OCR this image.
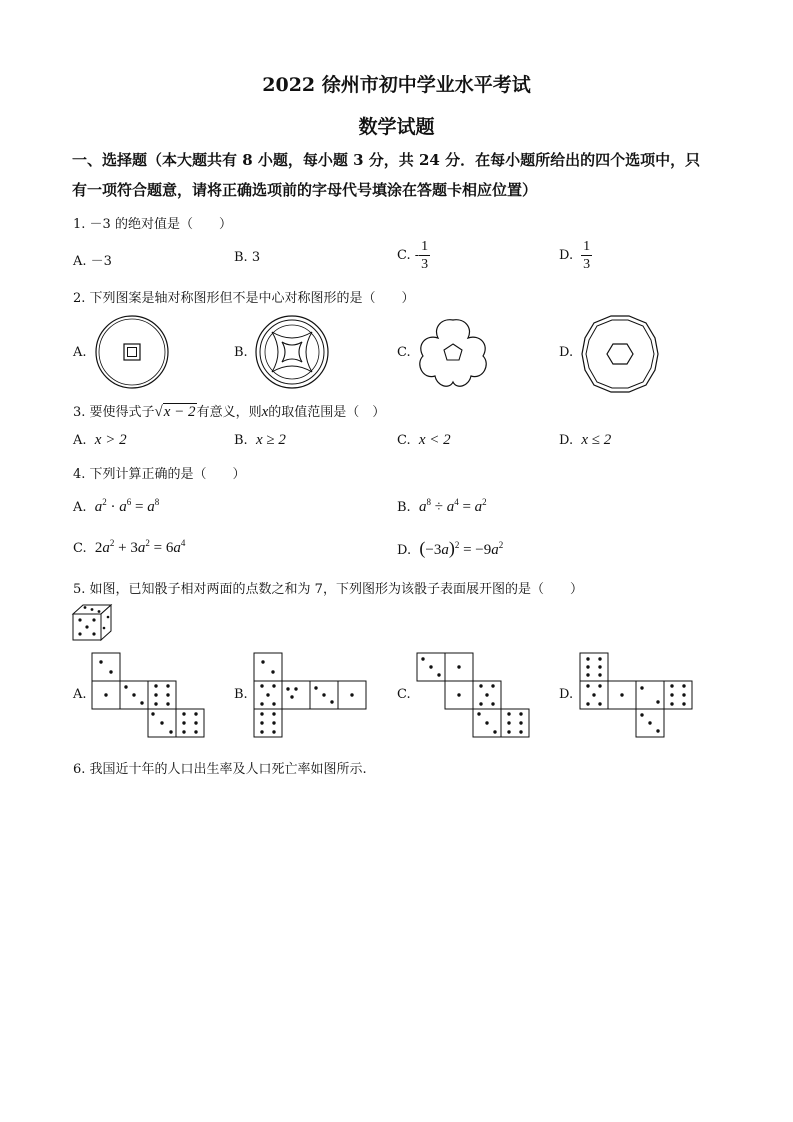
2022 徐州市初中学业水平考试
数学试题
一、选择题（本大题共有 8 小题，每小题 3 分，共 24 分．在每小题所给出的四个选项中，只
有一项符合题意，请将正确选项前的字母代号填涂在答题卡相应位置）
1. －3 的绝对值是（　　）
A. －3	B. 3	C. - $\frac{1}{3}$	D. $\frac{1}{3}$
2. 下列图案是轴对称图形但不是中心对称图形的是（　　）
A.	B.	C.	D.
3. 要使得式子√x − 2有意义，则x的取值范围是（　）
A. x > 2	B. x ≥ 2	C. x < 2	D. x ≤ 2
4. 下列计算正确的是（　　）
A. $a^2 \cdot a^6 = a^8$	B. $a^8 \div a^4 = a^2$
C. $2a^2 + 3a^2 = 6a^4$	D. $(-3a)^2 = -9a^2$
5. 如图，已知骰子相对两面的点数之和为 7，下列图形为该骰子表面展开图的是（　　）
A.	B.	C.	D.
6. 我国近十年的人口出生率及人口死亡率如图所示.
